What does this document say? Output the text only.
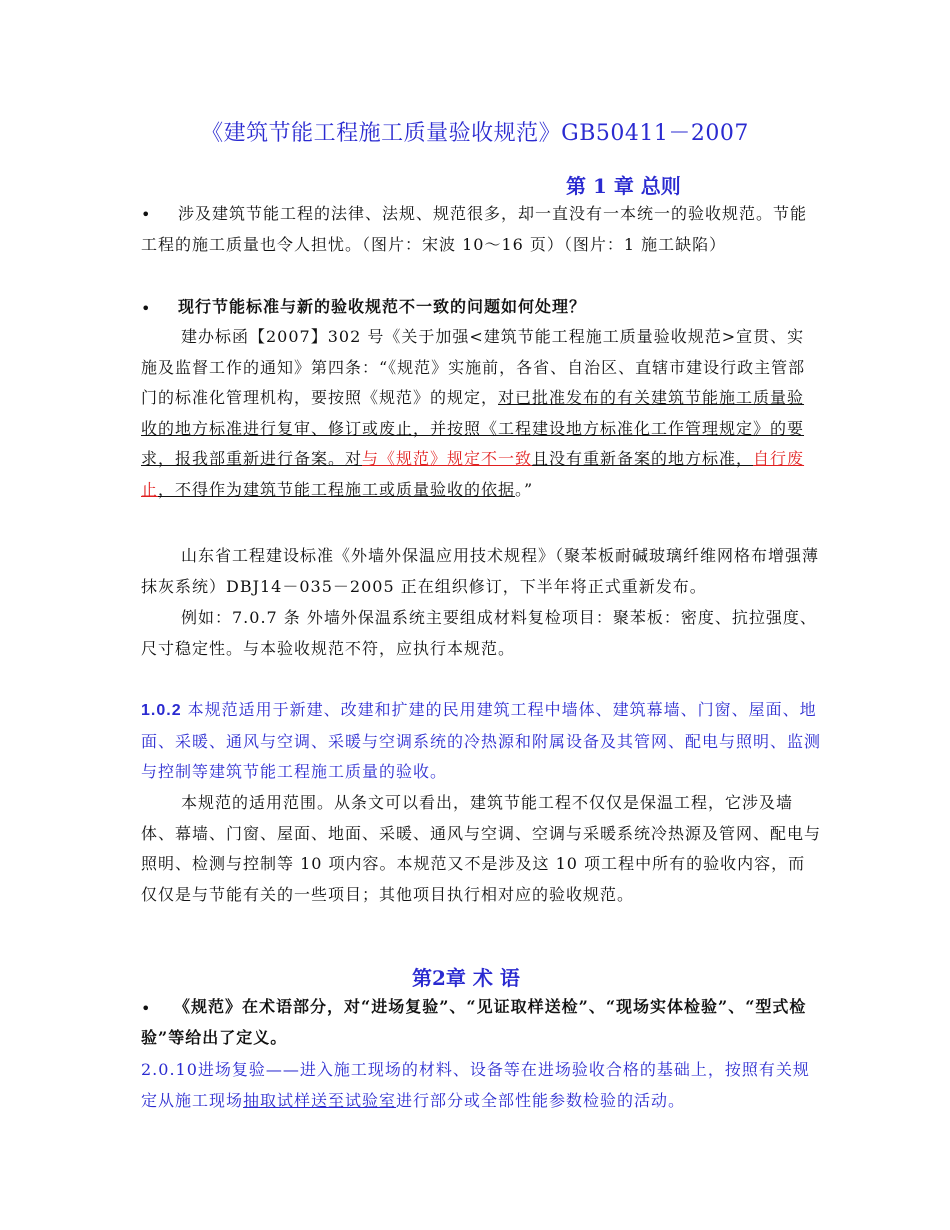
《建筑节能工程施工质量验收规范》GB50411－2007
第 1 章 总则
•	涉及建筑节能工程的法律、法规、规范很多，却一直没有一本统一的验收规范。节能工程的施工质量也令人担忧。（图片：宋波 10～16 页）（图片：1 施工缺陷）

•	现行节能标准与新的验收规范不一致的问题如何处理？

建办标函【2007】302 号《关于加强<建筑节能工程施工质量验收规范>宣贯、实施及监督工作的通知》第四条：“《规范》实施前，各省、自治区、直辖市建设行政主管部门的标准化管理机构，要按照《规范》的规定，对已批准发布的有关建筑节能施工质量验收的地方标准进行复审、修订或废止，并按照《工程建设地方标准化工作管理规定》的要求，报我部重新进行备案。对与《规范》规定不一致且没有重新备案的地方标准，自行废止，不得作为建筑节能工程施工或质量验收的依据。”

山东省工程建设标准《外墙外保温应用技术规程》（聚苯板耐碱玻璃纤维网格布增强薄抹灰系统）DBJ14－035－2005 正在组织修订，下半年将正式重新发布。

例如：7.0.7 条 外墙外保温系统主要组成材料复检项目：聚苯板：密度、抗拉强度、尺寸稳定性。与本验收规范不符，应执行本规范。

1.0.2 本规范适用于新建、改建和扩建的民用建筑工程中墙体、建筑幕墙、门窗、屋面、地面、采暖、通风与空调、采暖与空调系统的冷热源和附属设备及其管网、配电与照明、监测与控制等建筑节能工程施工质量的验收。

本规范的适用范围。从条文可以看出，建筑节能工程不仅仅是保温工程，它涉及墙体、幕墙、门窗、屋面、地面、采暖、通风与空调、空调与采暖系统冷热源及管网、配电与照明、检测与控制等 10 项内容。本规范又不是涉及这 10 项工程中所有的验收内容，而仅仅是与节能有关的一些项目；其他项目执行相对应的验收规范。

第2章 术 语
•	《规范》在术语部分，对“进场复验”、“见证取样送检”、“现场实体检验”、“型式检验”等给出了定义。

2.0.10进场复验——进入施工现场的材料、设备等在进场验收合格的基础上，按照有关规定从施工现场抽取试样送至试验室进行部分或全部性能参数检验的活动。
